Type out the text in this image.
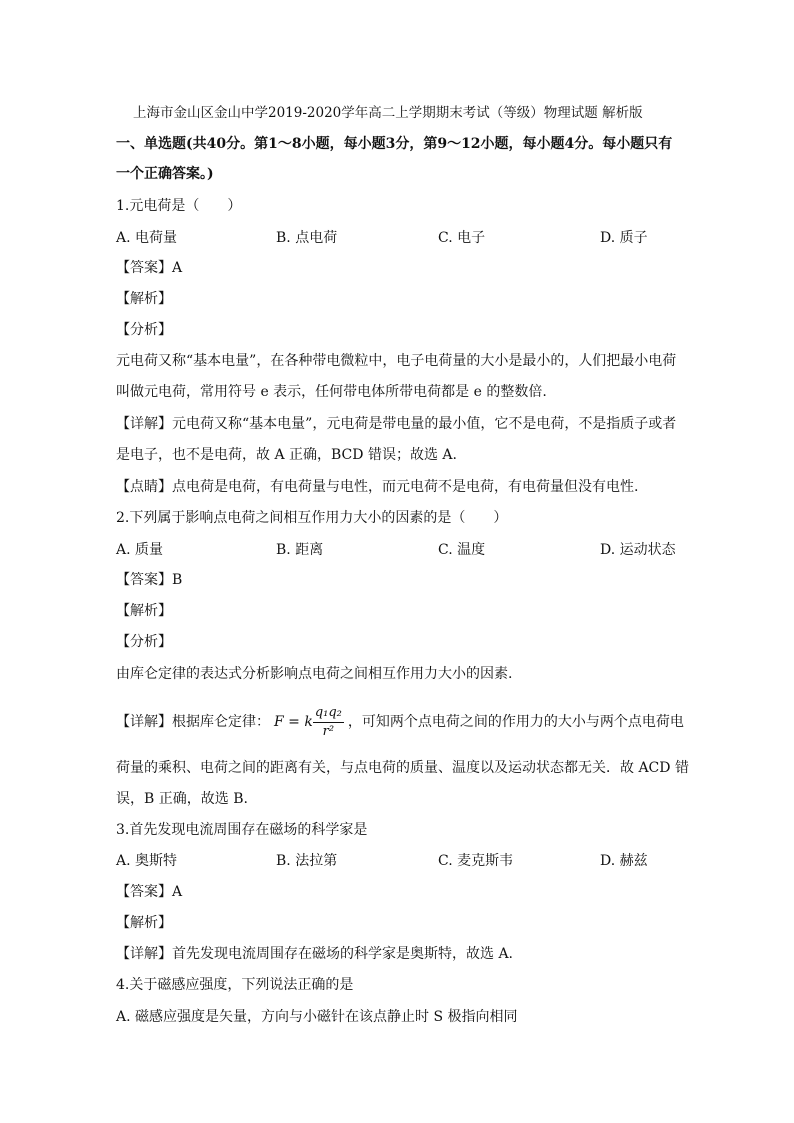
上海市金山区金山中学2019-2020学年高二上学期期末考试（等级）物理试题 解析版
一、单选题(共40分。第1～8小题，每小题3分，第9～12小题，每小题4分。每小题只有
一个正确答案。)
1.元电荷是（　　）
A. 电荷量	B. 点电荷	C. 电子	D. 质子
【答案】A
【解析】
【分析】
元电荷又称“基本电量”，在各种带电微粒中，电子电荷量的大小是最小的，人们把最小电荷
叫做元电荷，常用符号 e 表示，任何带电体所带电荷都是 e 的整数倍.
【详解】元电荷又称“基本电量”，元电荷是带电量的最小值，它不是电荷，不是指质子或者
是电子，也不是电荷，故 A 正确，BCD 错误；故选 A.
【点睛】点电荷是电荷，有电荷量与电性，而元电荷不是电荷，有电荷量但没有电性.
2.下列属于影响点电荷之间相互作用力大小的因素的是（　　）
A. 质量	B. 距离	C. 温度	D. 运动状态
【答案】B
【解析】
【分析】
由库仑定律的表达式分析影响点电荷之间相互作用力大小的因素.
【详解】根据库仑定律： F = k $\frac{\text{q₁q₂}}{\text{r²}}$ ，可知两个点电荷之间的作用力的大小与两个点电荷电
荷量的乘积、电荷之间的距离有关，与点电荷的质量、温度以及运动状态都无关．故 ACD 错
误，B 正确，故选 B.
3.首先发现电流周围存在磁场的科学家是
A. 奥斯特	B. 法拉第	C. 麦克斯韦	D. 赫兹
【答案】A
【解析】
【详解】首先发现电流周围存在磁场的科学家是奥斯特，故选 A.
4.关于磁感应强度，下列说法正确的是
A. 磁感应强度是矢量，方向与小磁针在该点静止时 S 极指向相同
